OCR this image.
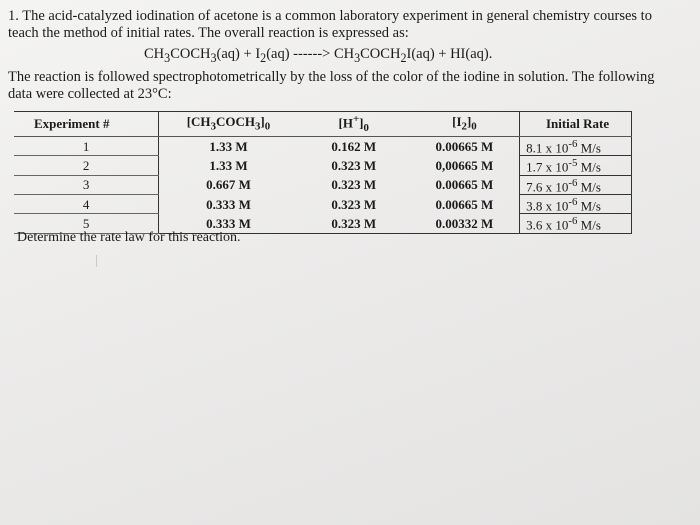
1. The acid-catalyzed iodination of acetone is a common laboratory experiment in general chemistry courses to
teach the method of initial rates. The overall reaction is expressed as:
$CH_3COCH_3(aq) + I_2(aq)$ ------> $CH_3COCH_2I(aq) + HI(aq)$.
The reaction is followed spectrophotometrically by the loss of the color of the iodine in solution. The following
data were collected at 23°C:
Experiment #	$[CH_3COCH_3]_0$	$[H^+]_0$	$[I_2]_0$	Initial Rate
1	1.33 M	0.162 M	0.00665 M	8.1 x $10^{-6}$ M/s
2	1.33 M	0.323 M	0,00665 M	1.7 x $10^{-5}$ M/s
3	0.667 M	0.323 M	0.00665 M	7.6 x $10^{-6}$ M/s
4	0.333 M	0.323 M	0.00665 M	3.8 x $10^{-6}$ M/s
5	0.333 M	0.323 M	0.00332 M	3.6 x $10^{-6}$ M/s
Determine the rate law for this reaction.
